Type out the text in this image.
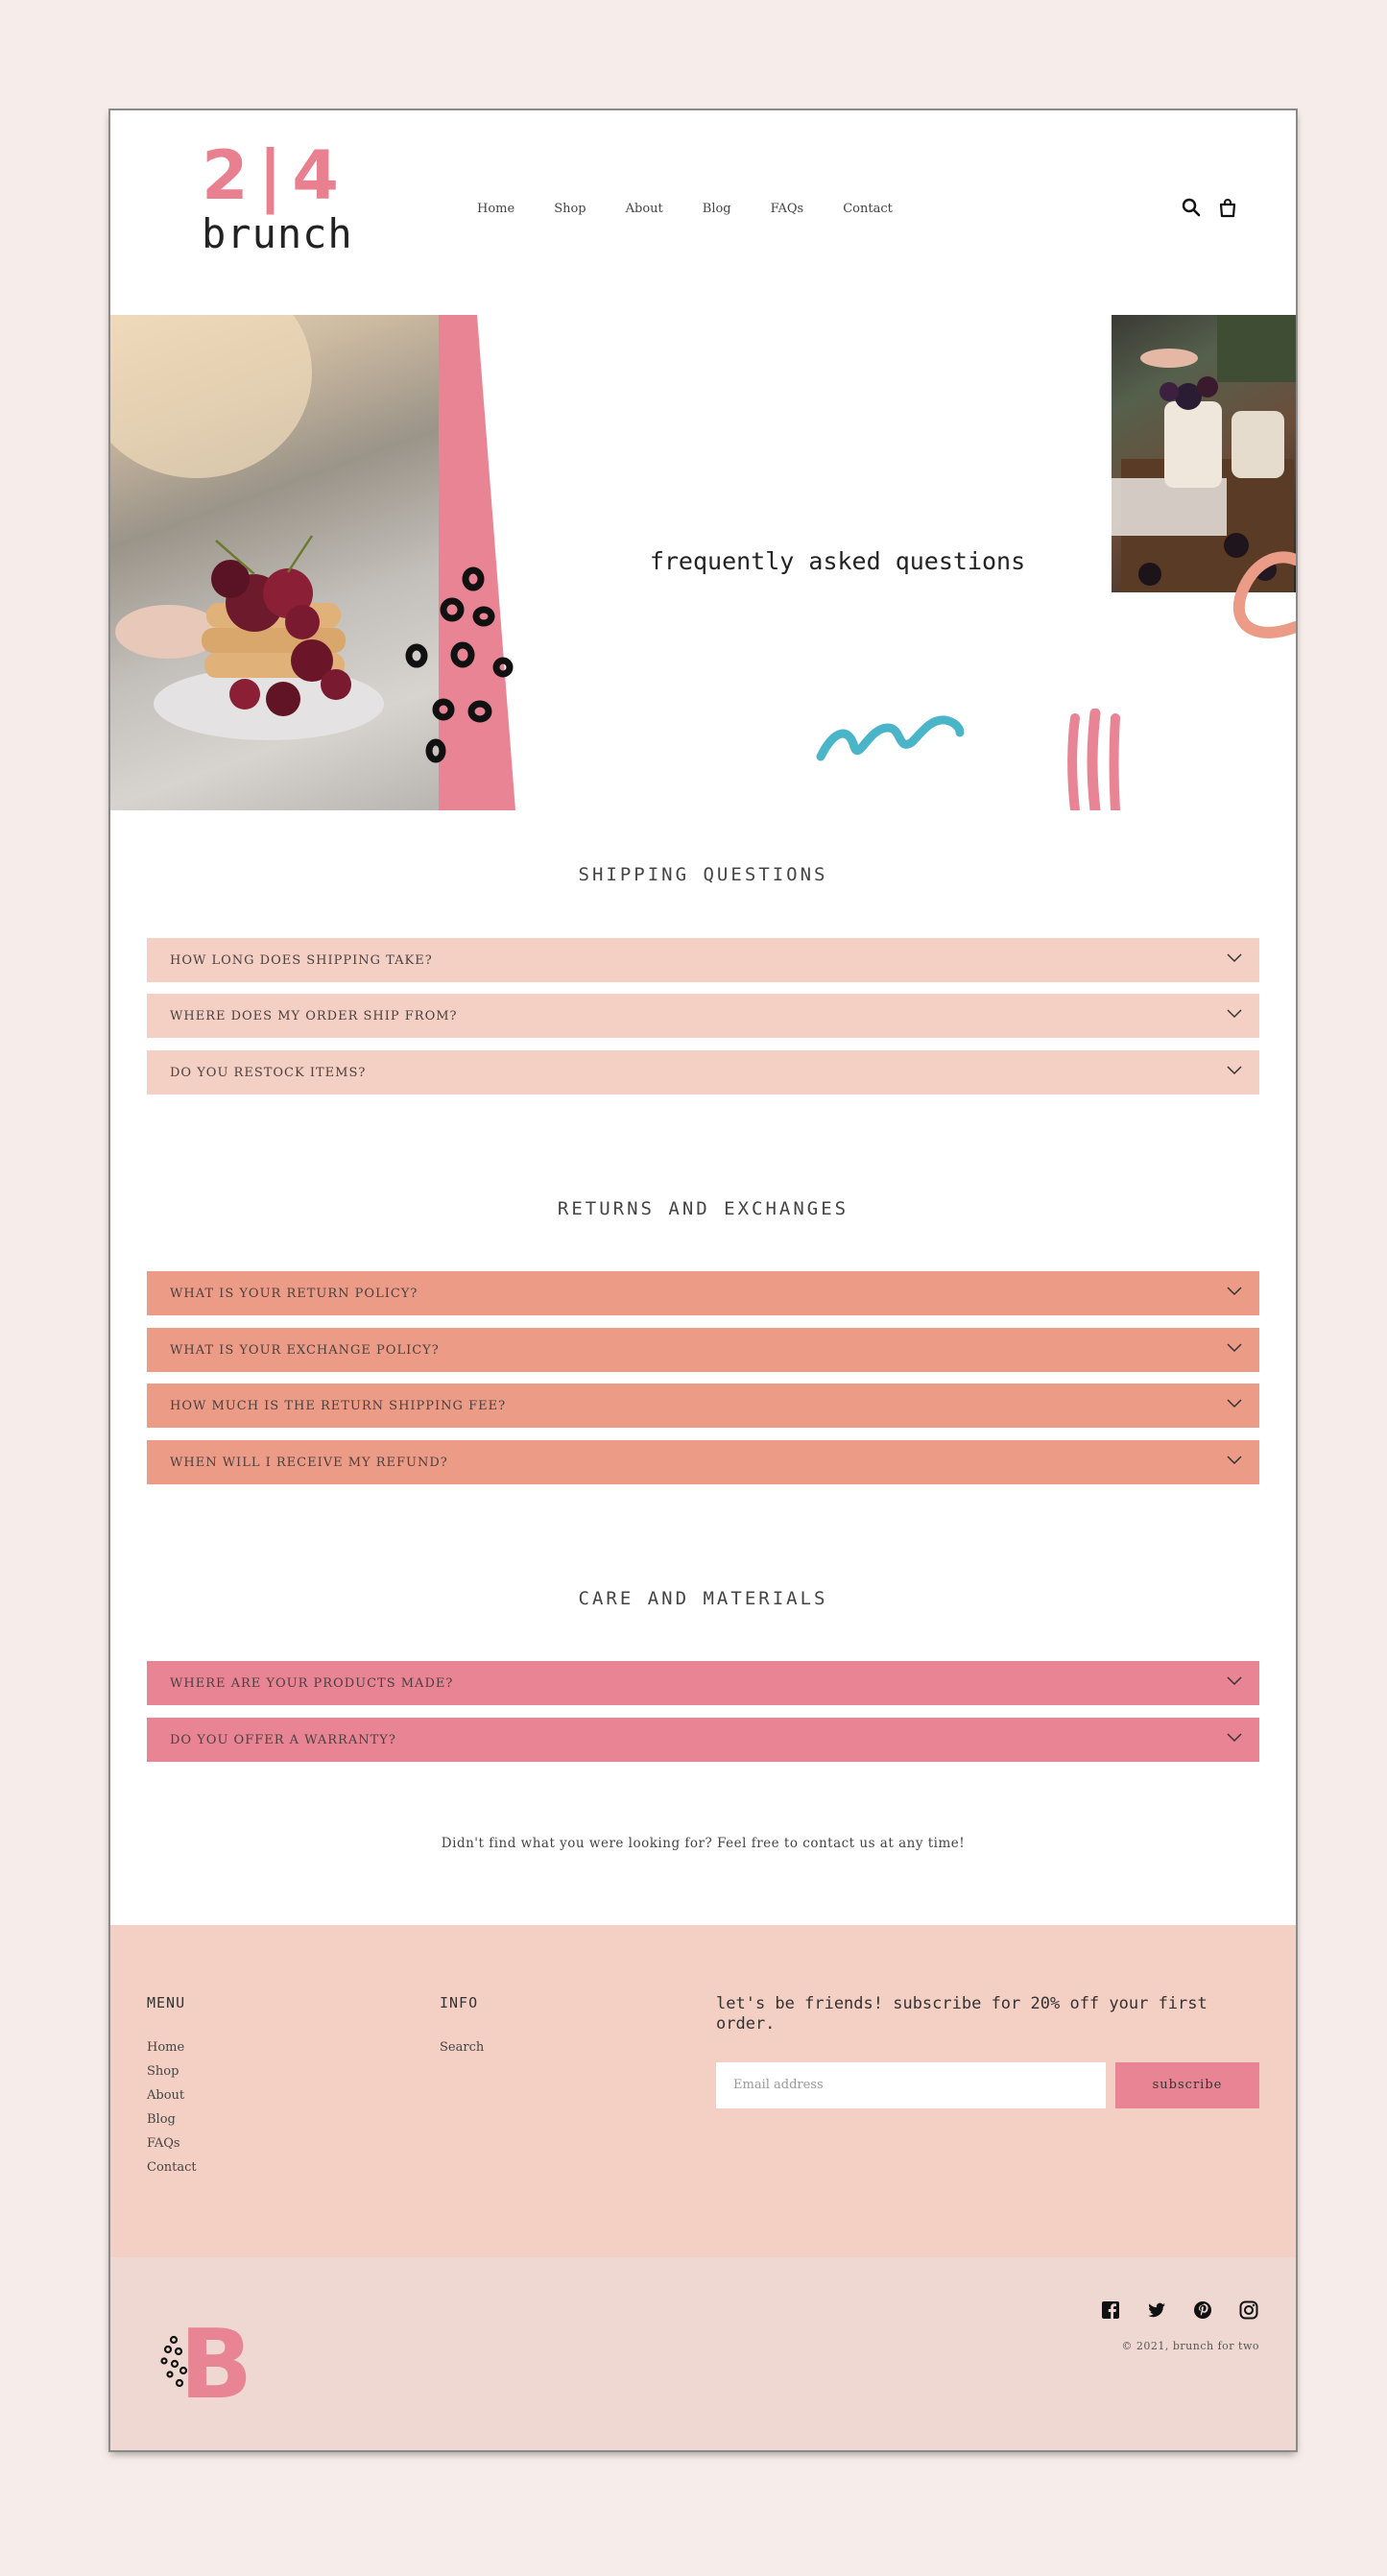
2|4
brunch
Home	Shop	About	Blog	FAQs	Contact
frequently asked questions
SHIPPING QUESTIONS
HOW LONG DOES SHIPPING TAKE?
WHERE DOES MY ORDER SHIP FROM?
DO YOU RESTOCK ITEMS?
RETURNS AND EXCHANGES
WHAT IS YOUR RETURN POLICY?
WHAT IS YOUR EXCHANGE POLICY?
HOW MUCH IS THE RETURN SHIPPING FEE?
WHEN WILL I RECEIVE MY REFUND?
CARE AND MATERIALS
WHERE ARE YOUR PRODUCTS MADE?
DO YOU OFFER A WARRANTY?
Didn't find what you were looking for? Feel free to contact us at any time!
MENU
Home
Shop
About
Blog
FAQs
Contact
INFO
Search
let's be friends! subscribe for 20% off your first order.
Email address	subscribe
B	© 2021, brunch for two
